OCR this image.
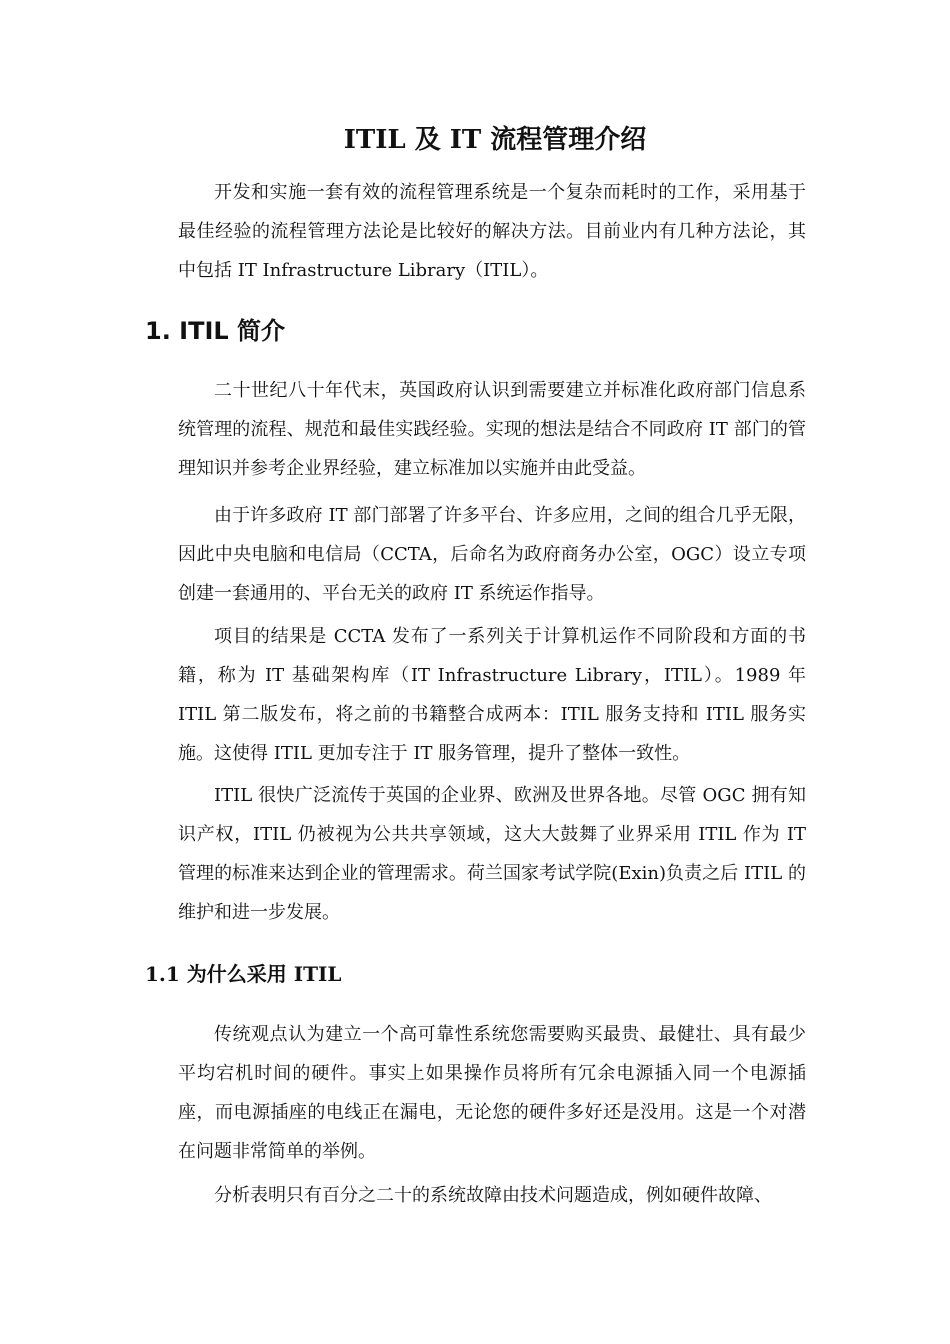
ITIL 及 IT 流程管理介绍

开发和实施一套有效的流程管理系统是一个复杂而耗时的工作，采用基于最佳经验的流程管理方法论是比较好的解决方法。目前业内有几种方法论，其中包括 IT Infrastructure Library（ITIL）。

1. ITIL 简介

二十世纪八十年代末，英国政府认识到需要建立并标准化政府部门信息系统管理的流程、规范和最佳实践经验。实现的想法是结合不同政府 IT 部门的管理知识并参考企业界经验，建立标准加以实施并由此受益。

由于许多政府 IT 部门部署了许多平台、许多应用，之间的组合几乎无限，因此中央电脑和电信局（CCTA，后命名为政府商务办公室，OGC）设立专项创建一套通用的、平台无关的政府 IT 系统运作指导。

项目的结果是 CCTA 发布了一系列关于计算机运作不同阶段和方面的书籍，称为 IT 基础架构库（IT Infrastructure Library，ITIL）。1989 年 ITIL 第二版发布，将之前的书籍整合成两本：ITIL 服务支持和 ITIL 服务实施。这使得 ITIL 更加专注于 IT 服务管理，提升了整体一致性。

ITIL 很快广泛流传于英国的企业界、欧洲及世界各地。尽管 OGC 拥有知识产权，ITIL 仍被视为公共共享领域，这大大鼓舞了业界采用 ITIL 作为 IT 管理的标准来达到企业的管理需求。荷兰国家考试学院(Exin)负责之后 ITIL 的维护和进一步发展。

1.1 为什么采用 ITIL

传统观点认为建立一个高可靠性系统您需要购买最贵、最健壮、具有最少平均宕机时间的硬件。事实上如果操作员将所有冗余电源插入同一个电源插座，而电源插座的电线正在漏电，无论您的硬件多好还是没用。这是一个对潜在问题非常简单的举例。

分析表明只有百分之二十的系统故障由技术问题造成，例如硬件故障、
